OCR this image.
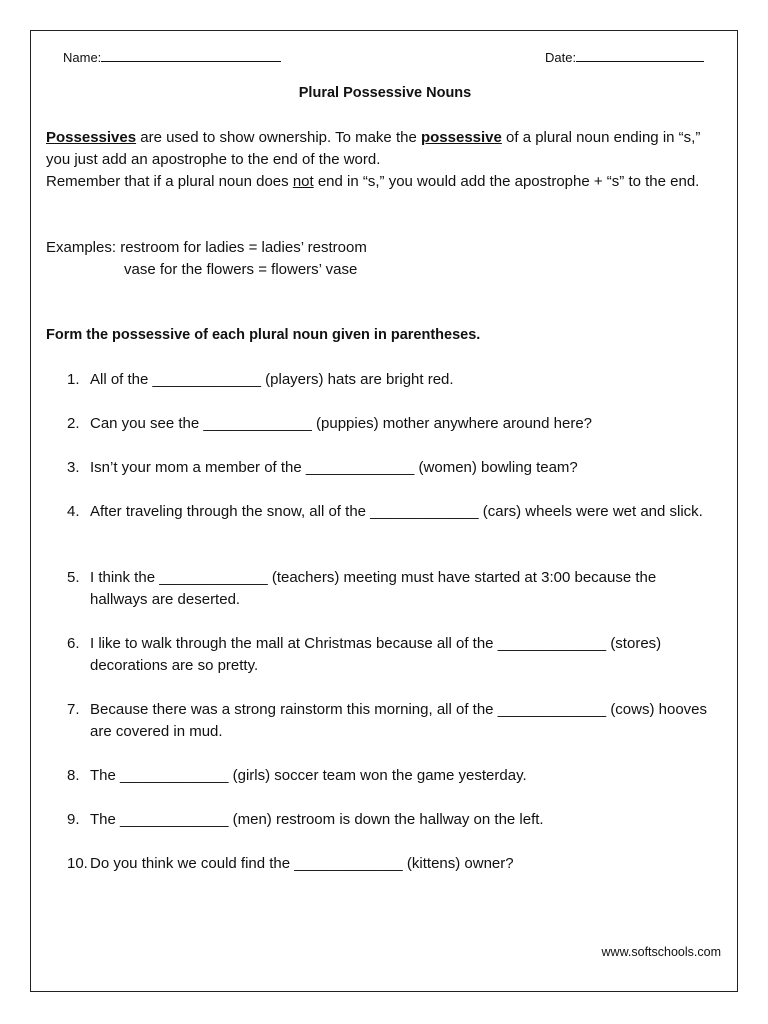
Name:	Date:
Plural Possessive Nouns
Possessives are used to show ownership. To make the possessive of a plural noun ending in “s,” you just add an apostrophe to the end of the word.
Remember that if a plural noun does not end in “s,” you would add the apostrophe + “s” to the end.
Examples: restroom for ladies = ladies’ restroom
vase for the flowers = flowers’ vase
Form the possessive of each plural noun given in parentheses.
1. All of the _____________ (players) hats are bright red.
2. Can you see the _____________ (puppies) mother anywhere around here?
3. Isn’t your mom a member of the _____________ (women) bowling team?
4. After traveling through the snow, all of the _____________ (cars) wheels were wet and slick.
5. I think the _____________ (teachers) meeting must have started at 3:00 because the hallways are deserted.
6. I like to walk through the mall at Christmas because all of the _____________ (stores) decorations are so pretty.
7. Because there was a strong rainstorm this morning, all of the _____________ (cows) hooves are covered in mud.
8. The _____________ (girls) soccer team won the game yesterday.
9. The _____________ (men) restroom is down the hallway on the left.
10. Do you think we could find the _____________ (kittens) owner?
www.softschools.com
